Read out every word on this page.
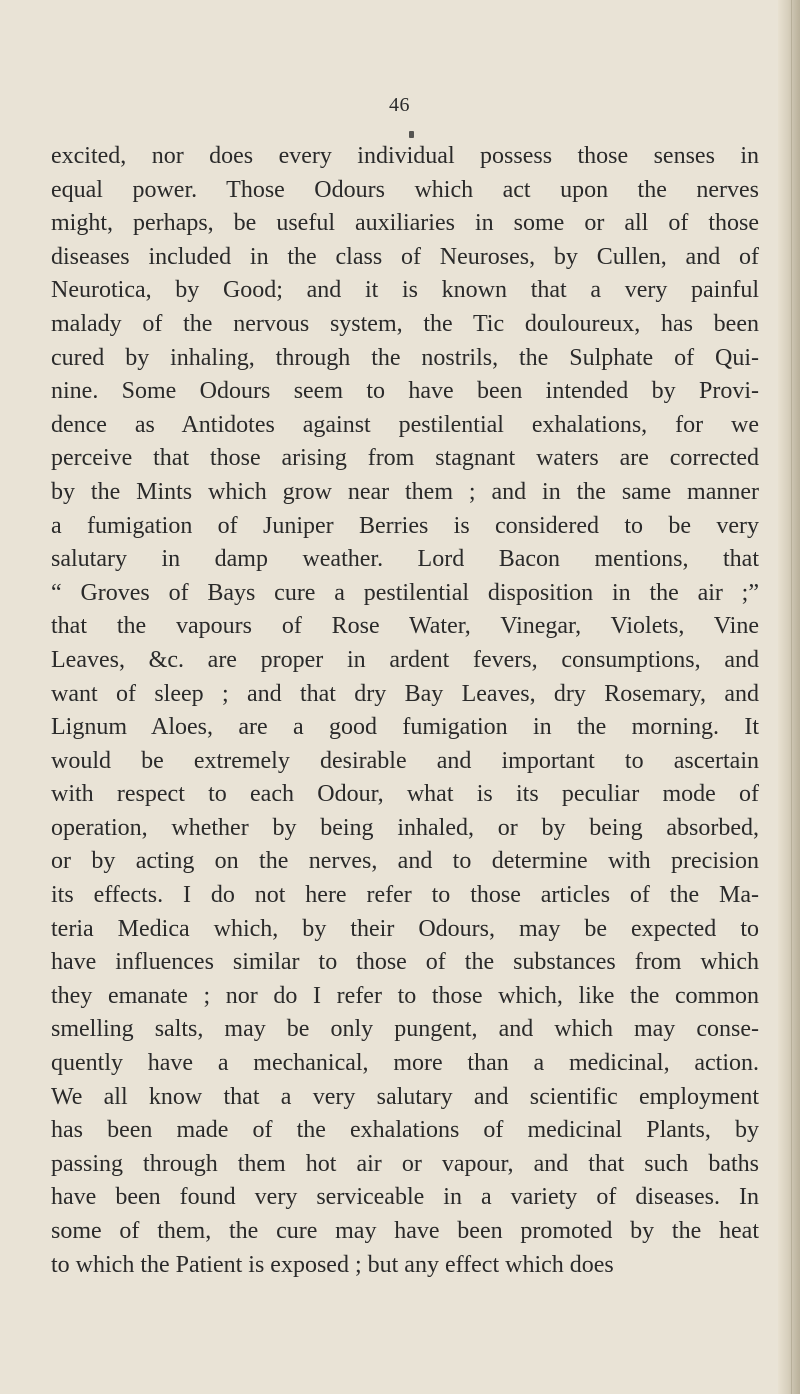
46
excited, nor does every individual possess those senses in
equal power. Those Odours which act upon the nerves
might, perhaps, be useful auxiliaries in some or all of those
diseases included in the class of Neuroses, by Cullen, and of
Neurotica, by Good; and it is known that a very painful
malady of the nervous system, the Tic douloureux, has been
cured by inhaling, through the nostrils, the Sulphate of Qui-
nine. Some Odours seem to have been intended by Provi-
dence as Antidotes against pestilential exhalations, for we
perceive that those arising from stagnant waters are corrected
by the Mints which grow near them ; and in the same manner
a fumigation of Juniper Berries is considered to be very
salutary in damp weather. Lord Bacon mentions, that
“ Groves of Bays cure a pestilential disposition in the air ;”
that the vapours of Rose Water, Vinegar, Violets, Vine
Leaves, &c. are proper in ardent fevers, consumptions, and
want of sleep ; and that dry Bay Leaves, dry Rosemary, and
Lignum Aloes, are a good fumigation in the morning. It
would be extremely desirable and important to ascertain
with respect to each Odour, what is its peculiar mode of
operation, whether by being inhaled, or by being absorbed,
or by acting on the nerves, and to determine with precision
its effects. I do not here refer to those articles of the Ma-
teria Medica which, by their Odours, may be expected to
have influences similar to those of the substances from which
they emanate ; nor do I refer to those which, like the common
smelling salts, may be only pungent, and which may conse-
quently have a mechanical, more than a medicinal, action.
We all know that a very salutary and scientific employment
has been made of the exhalations of medicinal Plants, by
passing through them hot air or vapour, and that such baths
have been found very serviceable in a variety of diseases. In
some of them, the cure may have been promoted by the heat
to which the Patient is exposed ; but any effect which does
